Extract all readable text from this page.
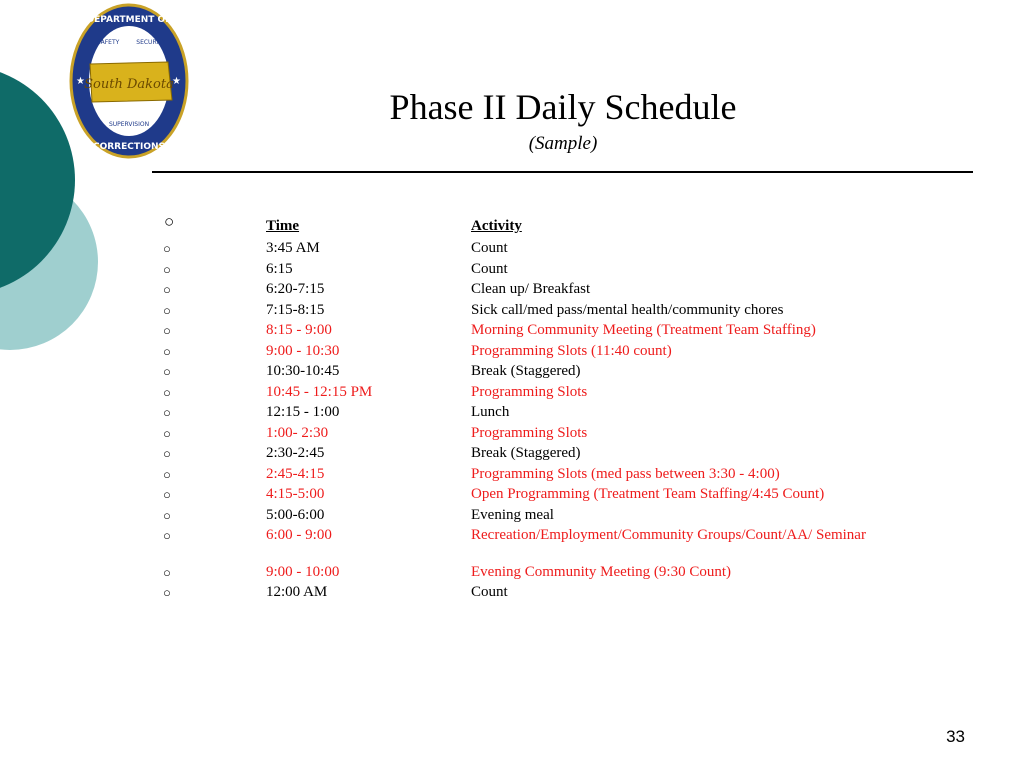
South Dakota
DEPARTMENT OF
CORRECTIONS
SAFETY	SECURITY
SUPERVISION
★	★
Phase II Daily Schedule
(Sample)
○	Time	Activity
○	3:45 AM	Count
○	6:15	Count
○	6:20-7:15	Clean up/ Breakfast
○	7:15-8:15	Sick call/med pass/mental health/community chores
○	8:15 - 9:00	Morning Community Meeting (Treatment Team Staffing)
○	9:00 - 10:30	Programming Slots (11:40 count)
○	10:30-10:45	Break (Staggered)
○	10:45 - 12:15 PM	Programming Slots
○	12:15 - 1:00	Lunch
○	1:00- 2:30	Programming Slots
○	2:30-2:45	Break (Staggered)
○	2:45-4:15	Programming Slots (med pass between 3:30 - 4:00)
○	4:15-5:00	Open Programming (Treatment Team Staffing/4:45 Count)
○	5:00-6:00	Evening meal
○	6:00 - 9:00	Recreation/Employment/Community Groups/Count/AA/ Seminar
○	9:00 - 10:00	Evening Community Meeting (9:30 Count)
○	12:00 AM	Count
33
